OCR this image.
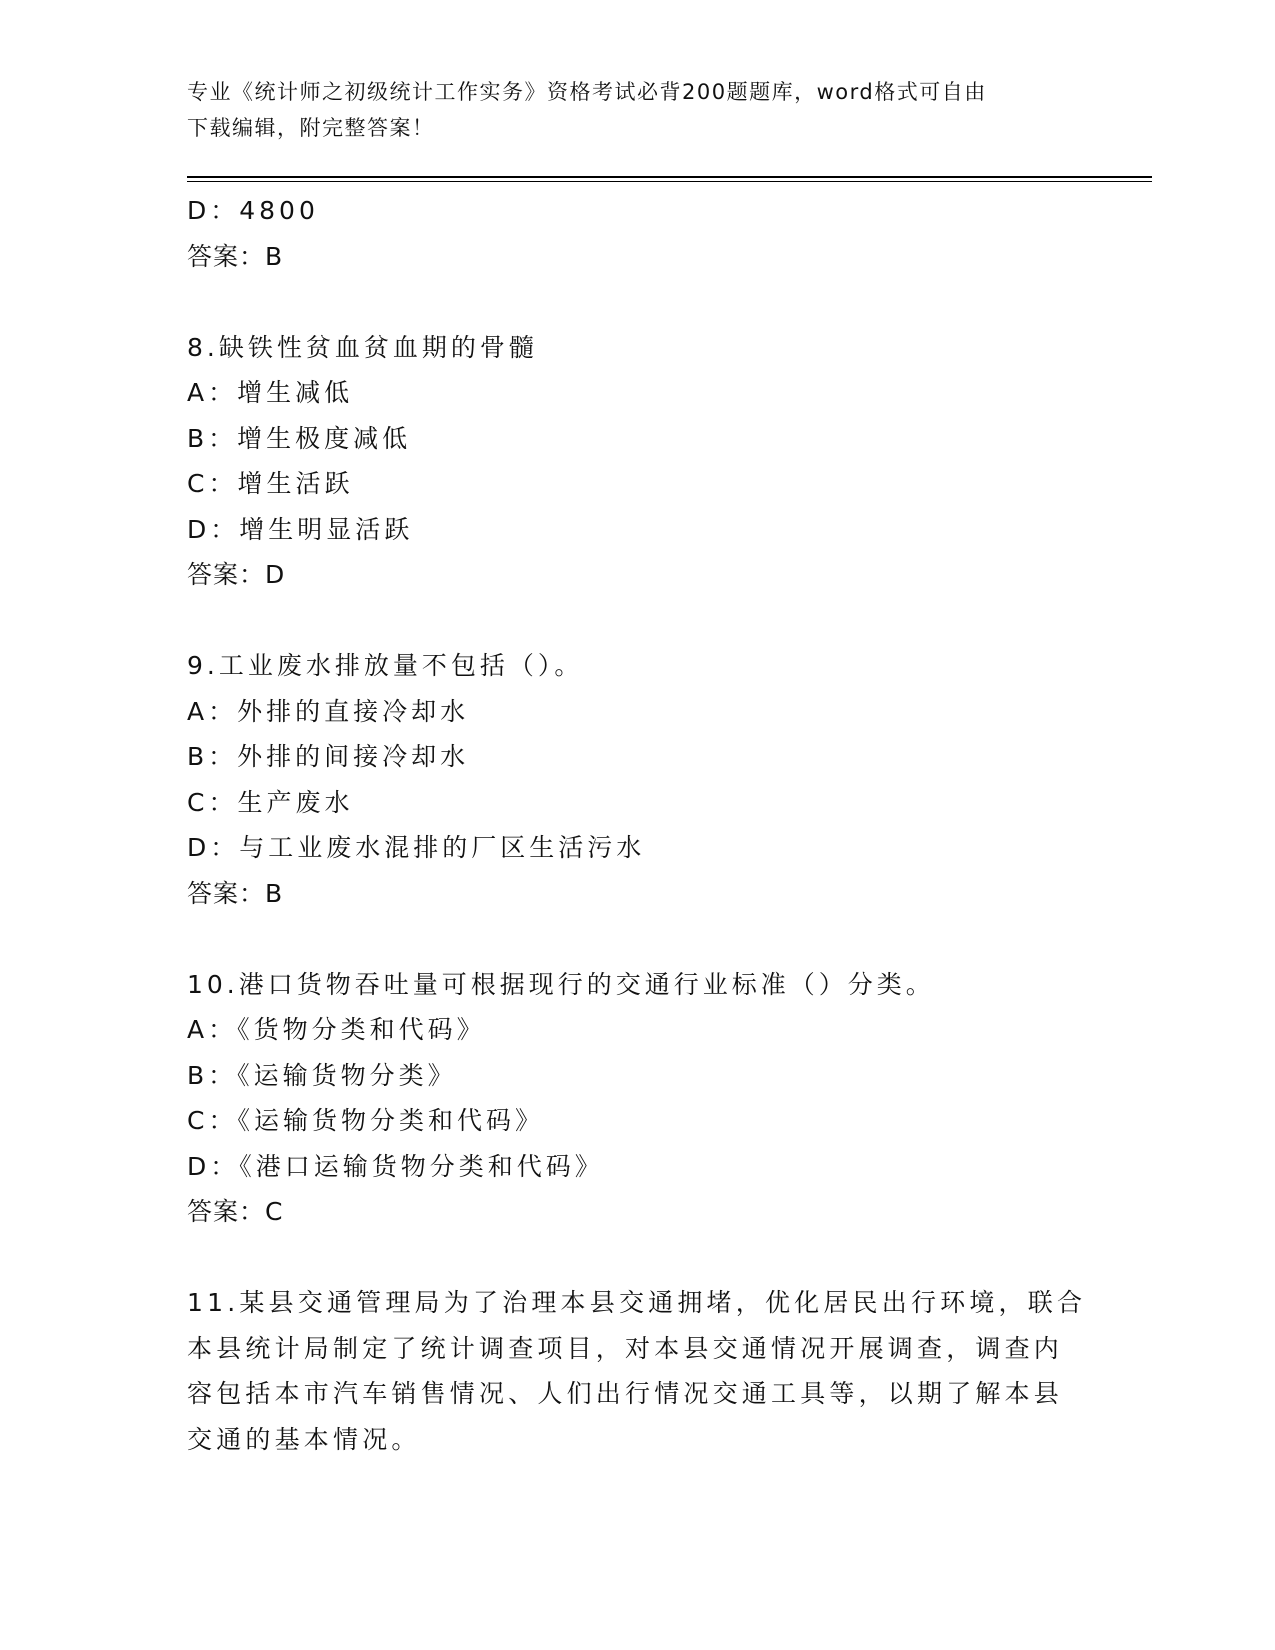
专业《统计师之初级统计工作实务》资格考试必背200题题库，word格式可自由
下载编辑，附完整答案！
D：4800
答案：B
8.缺铁性贫血贫血期的骨髓
A：增生减低
B：增生极度减低
C：增生活跃
D：增生明显活跃
答案：D
9.工业废水排放量不包括（）。
A：外排的直接冷却水
B：外排的间接冷却水
C：生产废水
D：与工业废水混排的厂区生活污水
答案：B
10.港口货物吞吐量可根据现行的交通行业标准（）分类。
A：《货物分类和代码》
B：《运输货物分类》
C：《运输货物分类和代码》
D：《港口运输货物分类和代码》
答案：C
11.某县交通管理局为了治理本县交通拥堵，优化居民出行环境，联合本县统计局制定了统计调查项目，对本县交通情况开展调查，调查内容包括本市汽车销售情况、人们出行情况交通工具等，以期了解本县交通的基本情况。
